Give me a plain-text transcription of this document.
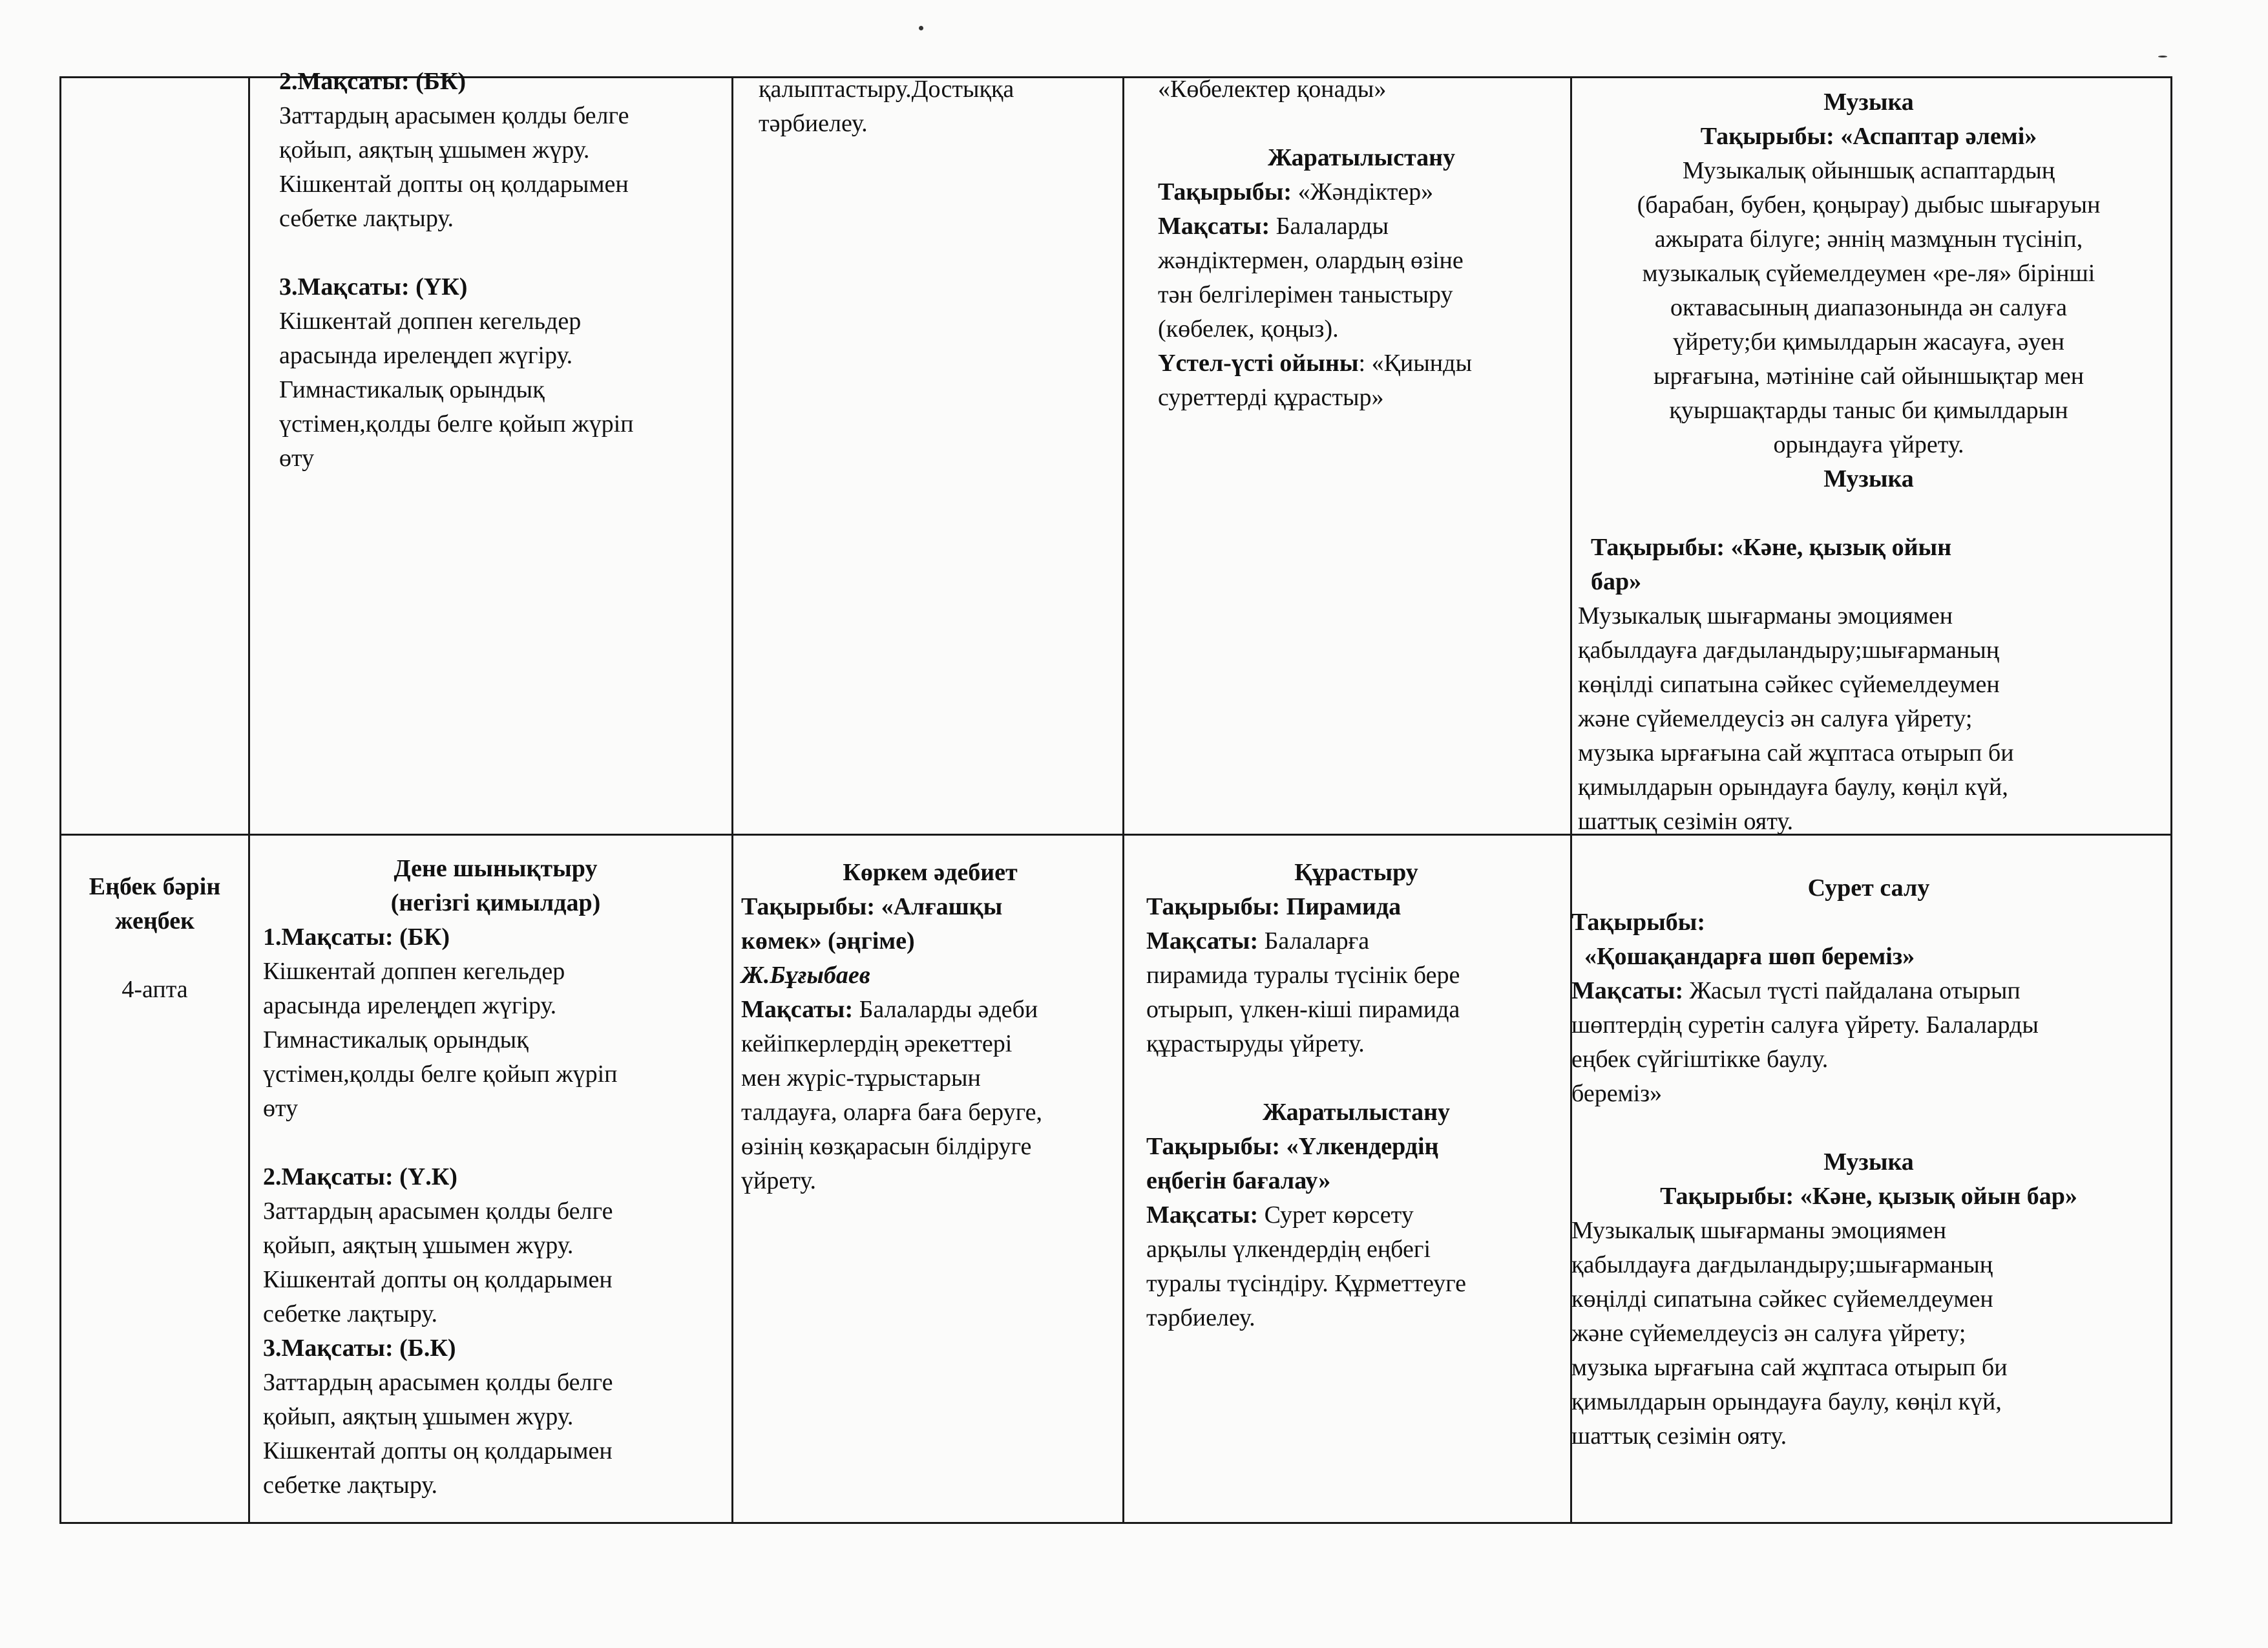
2.Мақсаты: (БК)

Заттардың арасымен қолды белге

қойып, аяқтың ұшымен жүру.

Кішкентай допты оң қолдарымен

себетке лақтыру.

3.Мақсаты: (ҮК)

Кішкентай доппен кегельдер

арасында ирелеңдеп жүгіру.

Гимнастикалық орындық

үстімен,қолды белге қойып жүріп

өту

қалыптастыру.Достыққа

тәрбиелеу.

«Көбелектер қонады»

Жаратылыстану

Тақырыбы: «Жәндіктер»

Мақсаты: Балаларды

жәндіктермен, олардың өзіне

тән белгілерімен таныстыру

(көбелек, қоңыз).

Үстел-үсті ойыны: «Қиынды

суреттерді құрастыр»

Музыка

Тақырыбы: «Аспаптар әлемі»

Музыкалық ойыншық аспаптардың

(барабан, бубен, қоңырау) дыбыс шығаруын

ажырата білуге; әннің мазмұнын түсініп,

музыкалық сүйемелдеумен «ре-ля» бірінші

октавасының диапазонында ән салуға

үйрету;би қимылдарын жасауға, әуен

ырғағына, мәтініне сай ойыншықтар мен

қуыршақтарды таныс би қимылдарын

орындауға үйрету.

Музыка

Тақырыбы: «Кәне, қызық ойын

бар»

Музыкалық шығарманы эмоциямен

қабылдауға дағдыландыру;шығарманың

көңілді сипатына сәйкес сүйемелдеумен

және сүйемелдеусіз ән салуға үйрету;

музыка ырғағына сай жұптаса отырып би

қимылдарын орындауға баулу, көңіл күй,

шаттық сезімін ояту.

Еңбек бәрін

жеңбек

4-апта

Дене шынықтыру

(негізгі қимылдар)

1.Мақсаты: (БК)

Кішкентай доппен кегельдер

арасында ирелеңдеп жүгіру.

Гимнастикалық орындық

үстімен,қолды белге қойып жүріп

өту

2.Мақсаты: (Ү.К)

Заттардың арасымен қолды белге

қойып, аяқтың ұшымен жүру.

Кішкентай допты оң қолдарымен

себетке лақтыру.

3.Мақсаты: (Б.К)

Заттардың арасымен қолды белге

қойып, аяқтың ұшымен жүру.

Кішкентай допты оң қолдарымен

себетке лақтыру.

Көркем әдебиет

Тақырыбы: «Алғашқы

көмек» (әңгіме)

Ж.Бұғыбаев

Мақсаты: Балаларды әдеби

кейіпкерлердің әрекеттері

мен жүріс-тұрыстарын

талдауға, оларға баға беруге,

өзінің көзқарасын білдіруге

үйрету.

Құрастыру

Тақырыбы: Пирамида

Мақсаты: Балаларға

пирамида туралы түсінік бере

отырып, үлкен-кіші пирамида

құрастыруды үйрету.

Жаратылыстану

Тақырыбы: «Үлкендердің

еңбегін бағалау»

Мақсаты: Сурет көрсету

арқылы үлкендердің еңбегі

туралы түсіндіру. Құрметтеуге

тәрбиелеу.

Сурет салу

Тақырыбы:

«Қошақандарға шөп береміз»

Мақсаты: Жасыл түсті пайдалана отырып

шөптердің суретін салуға үйрету. Балаларды

еңбек сүйгіштікке баулу.

береміз»

Музыка

Тақырыбы: «Кәне, қызық ойын бар»

Музыкалық шығарманы эмоциямен

қабылдауға дағдыландыру;шығарманың

көңілді сипатына сәйкес сүйемелдеумен

және сүйемелдеусіз ән салуға үйрету;

музыка ырғағына сай жұптаса отырып би

қимылдарын орындауға баулу, көңіл күй,

шаттық сезімін ояту.
